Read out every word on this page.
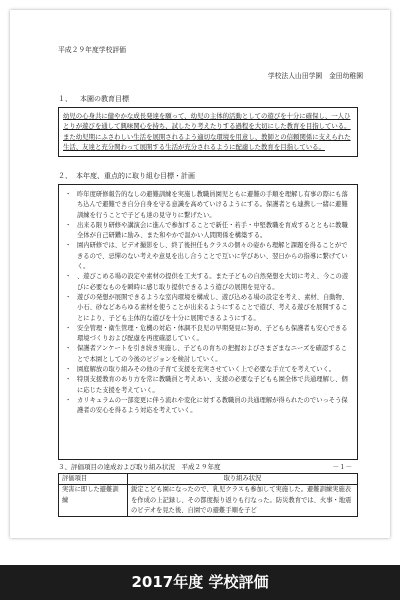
平成２９年度学校評価
学校法人山田学園　金田幼稚園
１、 本園の教育目標
幼児の心身共に健やかな成長発達を願って、幼児の主体的活動としての遊びを十分に確保し、一人ひとりが遊びを通して興味関心を持ち、試したり考えたりする過程を大切にした教育を目指している。また幼児期にふさわしい生活を展開されるよう適切な環境を用意し、教師との信頼関係に支えられた生活、友達と充分関わって展開する生活が充分されるように配慮した教育を目指している。
２、 本年度、重点的に取り組む目標・計画
・ 昨年度研修報告的なしの避難訓練を実施し教職員園児ともに避難の手順を理解し有事の際にも落ち込んで避難でき自分自身を守る意識を高めていけるようにする。保護者とも連携し一緒に避難訓練を行うことで子ども達の見守りに繋げたい。
・ 出来る限り研修や講演会に進んで参加することで新任・若手・中堅教職を育成するとともに教職全体が自己研鑽に励み、また和やかで温かい人間関係を構築する。
・ 園内研修では、ビデオ撮影をし、終了後担任もクラスの個々の姿から理解と課題を得ることができるので、忌憚のない考えや意見を出し合うことで互いに学びあい、翌日からの指導に繋げていく。
・ 、遊びこめる場の設定や素材の提供を工夫する。また子どもの自然発想を大切に考え、今この遊びに必要なものを瞬時に感じ取り提供できるよう遊びの展開を見守る。
・ 遊びの発想が展開できるような室内環境を構成し、遊び込める場の設定を考え、素材、自動物、小石、砂などあらゆる素材を使うことが出来るようにすることで遊び、考える遊びを展開することにより、子ども主体的な遊びを十分に展開できるようにする。
・ 安全管理・衛生管理・危機の対応・体調不良児の早期発見に努め、子どもも保護者も安心できる環境づくりおよび配慮を再度確認していく。
・ 保護者アンケートを引き続き実施し、子どもの育ちの把握およびさまざまなニーズを確認することで本園としての今後のビジョンを検討していく。
・ 園庭解放の取り組みその他の子育て支援を充実させていく上で必要な手立てを考えていく。
・ 特別支援教育のあり方を常に教職員と考えあい、支援の必要な子どもも園全体で共通理解し、個に応じた支援を考えていく。
・ カリキュラムの一部変更に伴う流れや変化に対する教職員の共通理解が得られたのでいっそう保護者の安心を得るよう対応を考えていく。
３、評価項目の達成および取り組み状況　平成２９年度	－１－
評価項目	取り組み状況
実害に即した避難訓練	鋭定こども園になったので、乳児クラスも参加して実施した。避難訓練実施表を作成の上記録し、その都度振り返りも行なった。防災教育では、火事・地震のビデオを見た後、自園での避難手順を子ど
2017年度 学校評価
